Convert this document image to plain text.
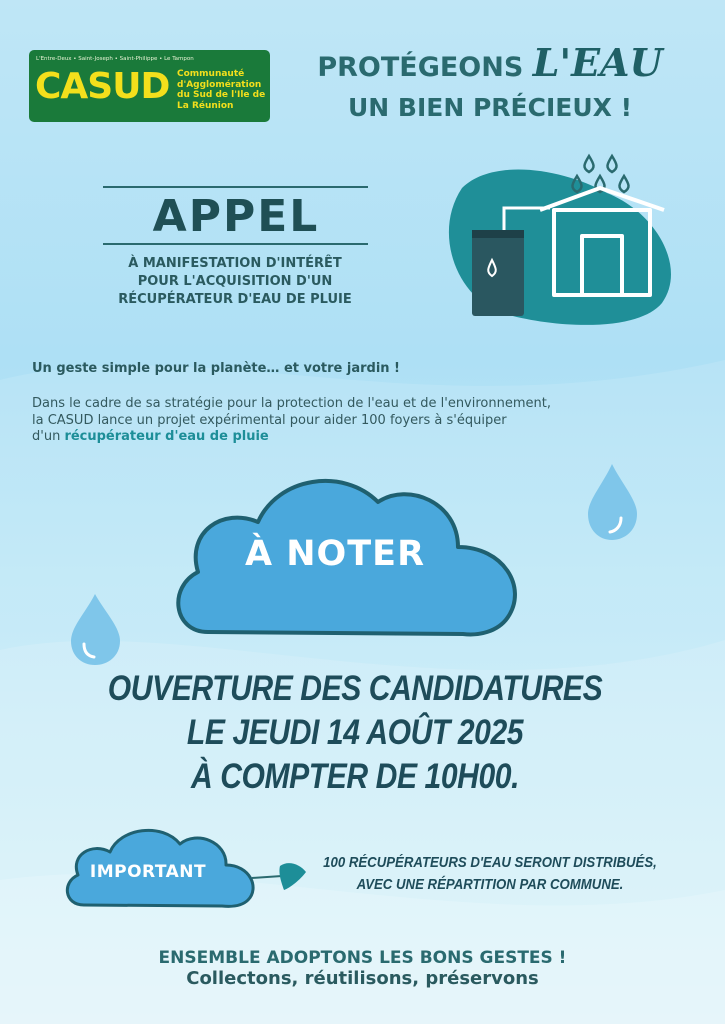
L'Entre-Deux • Saint-Joseph • Saint-Philippe • Le Tampon
CASUD Communauté d'Agglomération du Sud de l'Ile de La Réunion
PROTÉGEONS L'EAU
UN BIEN PRÉCIEUX !
APPEL
À MANIFESTATION D'INTÉRÊT
POUR L'ACQUISITION D'UN
RÉCUPÉRATEUR D'EAU DE PLUIE
Un geste simple pour la planète… et votre jardin !
Dans le cadre de sa stratégie pour la protection de l'eau et de l'environnement,
la CASUD lance un projet expérimental pour aider 100 foyers à s'équiper
d'un récupérateur d'eau de pluie
À NOTER
OUVERTURE DES CANDIDATURES
LE JEUDI 14 AOÛT 2025
À COMPTER DE 10H00.
IMPORTANT	100 RÉCUPÉRATEURS D'EAU SERONT DISTRIBUÉS,
AVEC UNE RÉPARTITION PAR COMMUNE.
ENSEMBLE ADOPTONS LES BONS GESTES !
Collectons, réutilisons, préservons
